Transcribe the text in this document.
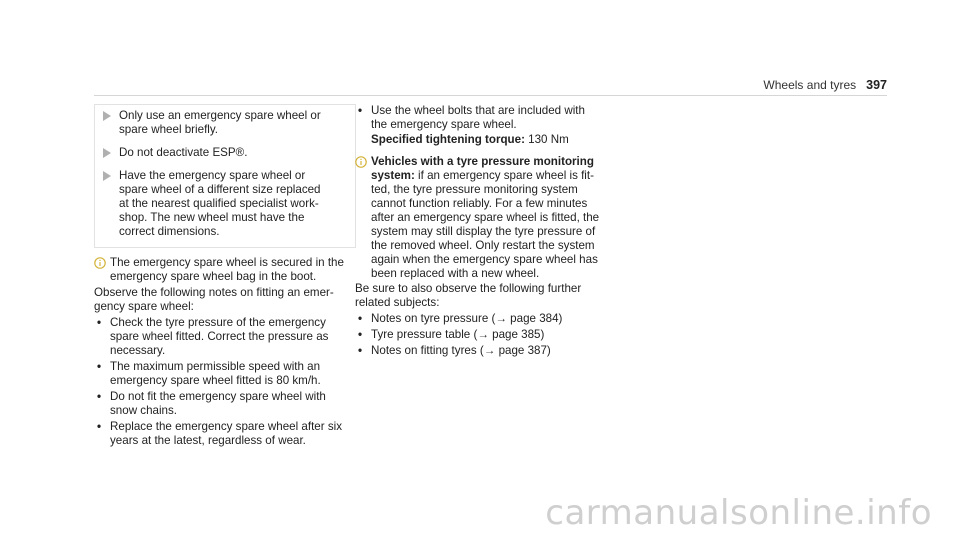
Wheels and tyres 397
Only use an emergency spare wheel or
spare wheel briefly.
Do not deactivate ESP®.
Have the emergency spare wheel or
spare wheel of a different size replaced
at the nearest qualified specialist work-
shop. The new wheel must have the
correct dimensions.
The emergency spare wheel is secured in the
emergency spare wheel bag in the boot.
Observe the following notes on fitting an emer-
gency spare wheel:
• Check the tyre pressure of the emergency
spare wheel fitted. Correct the pressure as
necessary.
• The maximum permissible speed with an
emergency spare wheel fitted is 80 km/h.
• Do not fit the emergency spare wheel with
snow chains.
• Replace the emergency spare wheel after six
years at the latest, regardless of wear.
• Use the wheel bolts that are included with
the emergency spare wheel.
Specified tightening torque: 130 Nm
Vehicles with a tyre pressure monitoring
system: if an emergency spare wheel is fit-
ted, the tyre pressure monitoring system
cannot function reliably. For a few minutes
after an emergency spare wheel is fitted, the
system may still display the tyre pressure of
the removed wheel. Only restart the system
again when the emergency spare wheel has
been replaced with a new wheel.
Be sure to also observe the following further
related subjects:
• Notes on tyre pressure (→ page 384)
• Tyre pressure table (→ page 385)
• Notes on fitting tyres (→ page 387)
carmanualsonline.info
